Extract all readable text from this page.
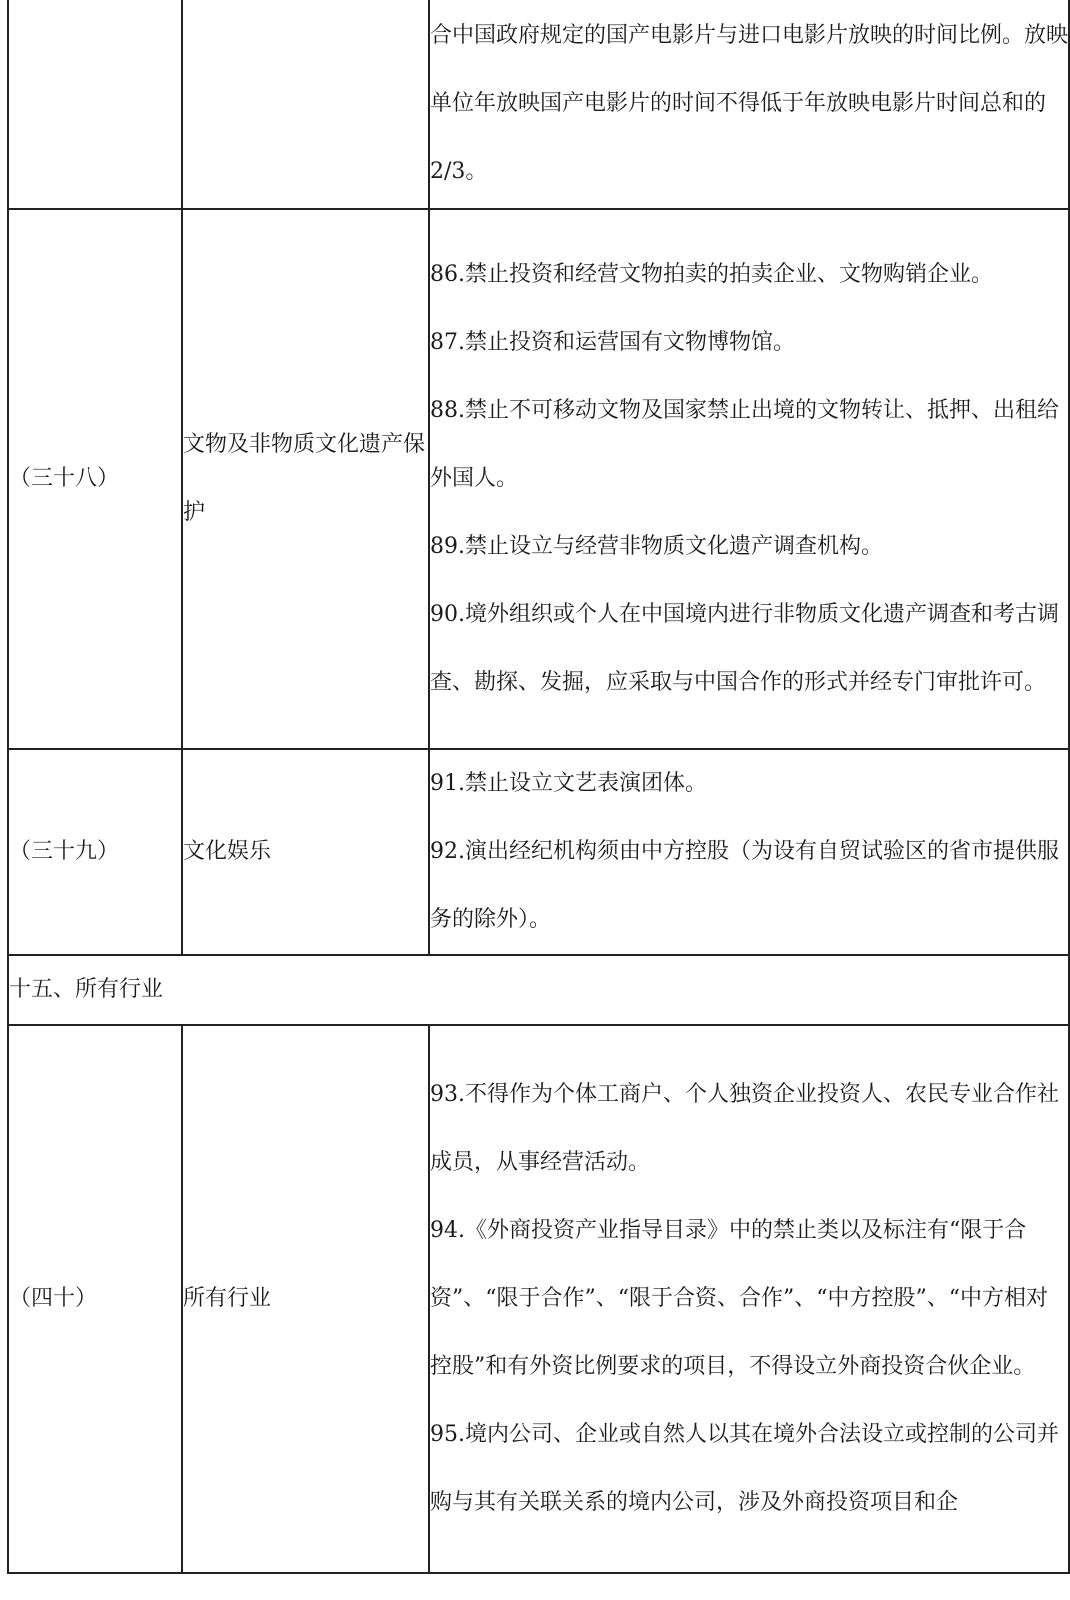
		合中国政府规定的国产电影片与进口电影片放映的时间比例。放映单位年放映国产电影片的时间不得低于年放映电影片时间总和的 2/3。

（三十八）	文物及非物质文化遗产保护	86.禁止投资和经营文物拍卖的拍卖企业、文物购销企业。

87.禁止投资和运营国有文物博物馆。

88.禁止不可移动文物及国家禁止出境的文物转让、抵押、出租给外国人。

89.禁止设立与经营非物质文化遗产调查机构。

90.境外组织或个人在中国境内进行非物质文化遗产调查和考古调查、勘探、发掘，应采取与中国合作的形式并经专门审批许可。

（三十九）	文化娱乐	91.禁止设立文艺表演团体。

92.演出经纪机构须由中方控股（为设有自贸试验区的省市提供服务的除外）。

十五、所有行业		
（四十）	所有行业	93.不得作为个体工商户、个人独资企业投资人、农民专业合作社成员，从事经营活动。

94.《外商投资产业指导目录》中的禁止类以及标注有“限于合资”、“限于合作”、“限于合资、合作”、“中方控股”、“中方相对控股”和有外资比例要求的项目，不得设立外商投资合伙企业。

95.境内公司、企业或自然人以其在境外合法设立或控制的公司并购与其有关联关系的境内公司，涉及外商投资项目和企
